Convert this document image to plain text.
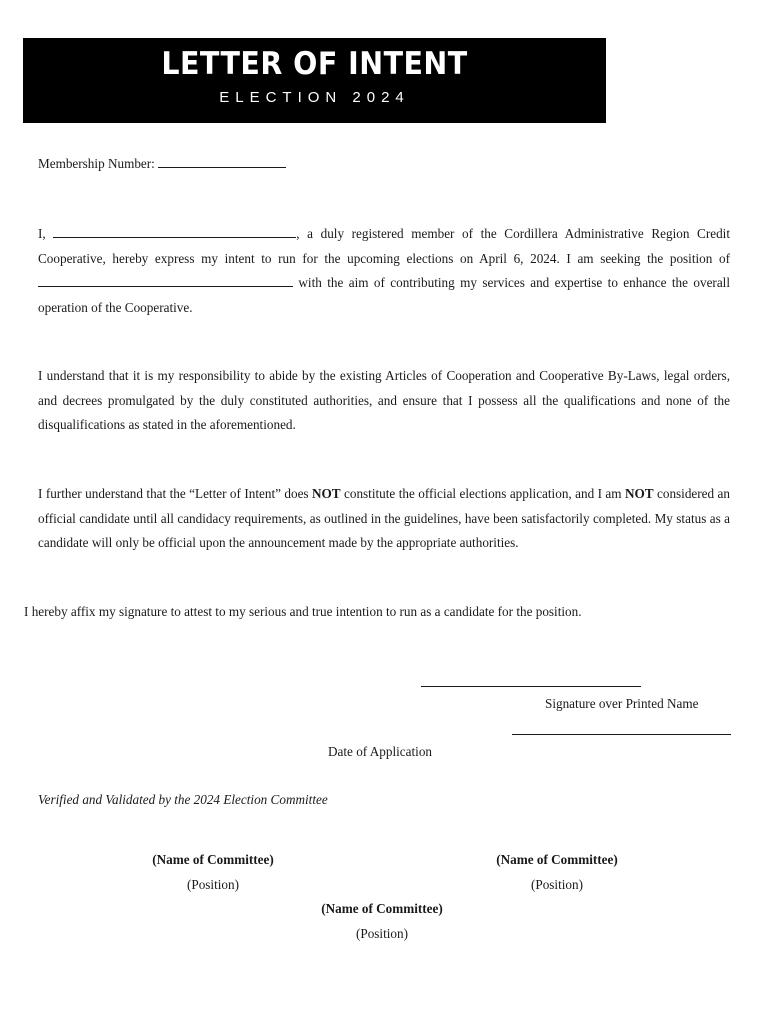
LETTER OF INTENT
ELECTION 2024
Membership Number:
I,	, a duly registered member of the Cordillera Administrative Region Credit Cooperative, hereby express my intent to run for the upcoming elections on April 6, 2024. I am seeking the position of  with the aim of contributing my services and expertise to enhance the overall operation of the Cooperative.
I understand that it is my responsibility to abide by the existing Articles of Cooperation and Cooperative By-Laws, legal orders, and decrees promulgated by the duly constituted authorities, and ensure that I possess all the qualifications and none of the disqualifications as stated in the aforementioned.
I further understand that the “Letter of Intent” does NOT constitute the official elections application, and I am NOT considered an official candidate until all candidacy requirements, as outlined in the guidelines, have been satisfactorily completed. My status as a candidate will only be official upon the announcement made by the appropriate authorities.
I hereby affix my signature to attest to my serious and true intention to run as a candidate for the position.
Signature over Printed Name
Date of Application
Verified and Validated by the 2024 Election Committee
(Name of Committee)
(Position)
(Name of Committee)
(Position)
(Name of Committee)
(Position)
